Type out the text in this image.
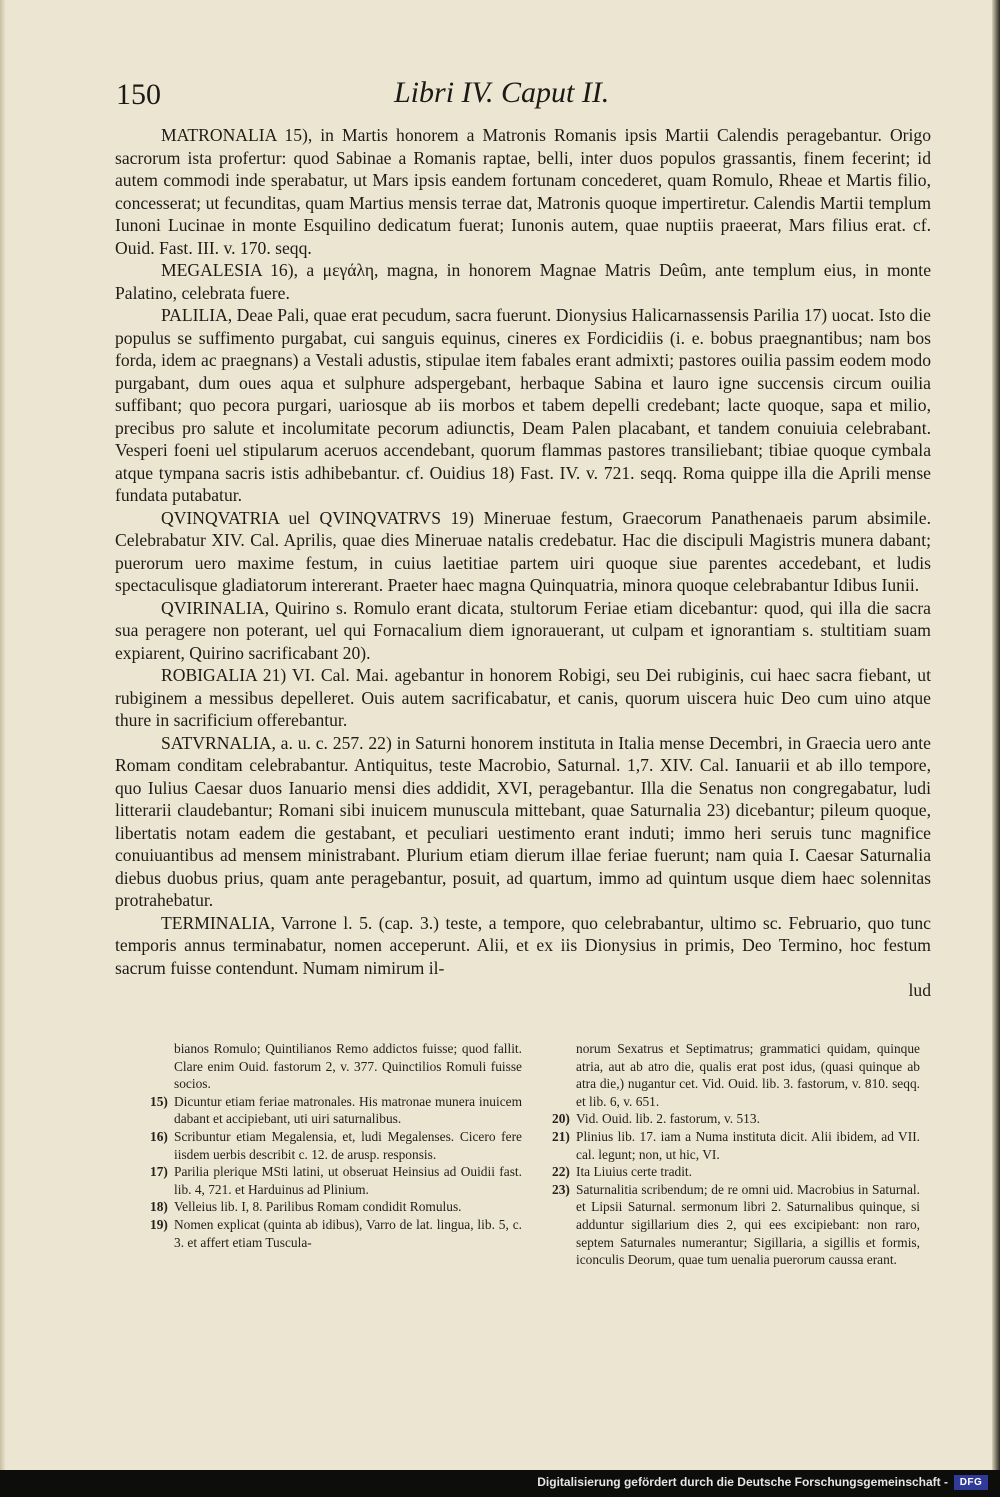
150	Libri IV. Caput II.

MATRONALIA 15), in Martis honorem a Matronis Romanis ipsis Martii Calendis peragebantur. Origo sacrorum ista profertur: quod Sabinae a Romanis raptae, belli, inter duos populos grassantis, finem fecerint; id autem commodi inde sperabatur, ut Mars ipsis eandem fortunam concederet, quam Romulo, Rheae et Martis filio, concesserat; ut fecunditas, quam Martius mensis terrae dat, Matronis quoque impertiretur. Calendis Martii templum Iunoni Lucinae in monte Esquilino dedicatum fuerat; Iunonis autem, quae nuptiis praeerat, Mars filius erat. cf. Ouid. Fast. III. v. 170. seqq.

MEGALESIA 16), a μεγάλη, magna, in honorem Magnae Matris Deûm, ante templum eius, in monte Palatino, celebrata fuere.

PALILIA, Deae Pali, quae erat pecudum, sacra fuerunt. Dionysius Halicarnassensis Parilia 17) uocat. Isto die populus se suffimento purgabat, cui sanguis equinus, cineres ex Fordicidiis (i. e. bobus praegnantibus; nam bos forda, idem ac praegnans) a Vestali adustis, stipulae item fabales erant admixti; pastores ouilia passim eodem modo purgabant, dum oues aqua et sulphure adspergebant, herbaque Sabina et lauro igne succensis circum ouilia suffibant; quo pecora purgari, uariosque ab iis morbos et tabem depelli credebant; lacte quoque, sapa et milio, precibus pro salute et incolumitate pecorum adiunctis, Deam Palen placabant, et tandem conuiuia celebrabant. Vesperi foeni uel stipularum aceruos accendebant, quorum flammas pastores transiliebant; tibiae quoque cymbala atque tympana sacris istis adhibebantur. cf. Ouidius 18) Fast. IV. v. 721. seqq. Roma quippe illa die Aprili mense fundata putabatur.

QVINQVATRIA uel QVINQVATRVS 19) Mineruae festum, Graecorum Panathenaeis parum absimile. Celebrabatur XIV. Cal. Aprilis, quae dies Mineruae natalis credebatur. Hac die discipuli Magistris munera dabant; puerorum uero maxime festum, in cuius laetitiae partem uiri quoque siue parentes accedebant, et ludis spectaculisque gladiatorum intererant. Praeter haec magna Quinquatria, minora quoque celebrabantur Idibus Iunii.

QVIRINALIA, Quirino s. Romulo erant dicata, stultorum Feriae etiam dicebantur: quod, qui illa die sacra sua peragere non poterant, uel qui Fornacalium diem ignorauerant, ut culpam et ignorantiam s. stultitiam suam expiarent, Quirino sacrificabant 20).

ROBIGALIA 21) VI. Cal. Mai. agebantur in honorem Robigi, seu Dei rubiginis, cui haec sacra fiebant, ut rubiginem a messibus depelleret. Ouis autem sacrificabatur, et canis, quorum uiscera huic Deo cum uino atque thure in sacrificium offerebantur.

SATVRNALIA, a. u. c. 257. 22) in Saturni honorem instituta in Italia mense Decembri, in Graecia uero ante Romam conditam celebrabantur. Antiquitus, teste Macrobio, Saturnal. 1,7. XIV. Cal. Ianuarii et ab illo tempore, quo Iulius Caesar duos Ianuario mensi dies addidit, XVI, peragebantur. Illa die Senatus non congregabatur, ludi litterarii claudebantur; Romani sibi inuicem munuscula mittebant, quae Saturnalia 23) dicebantur; pileum quoque, libertatis notam eadem die gestabant, et peculiari uestimento erant induti; immo heri seruis tunc magnifice conuiuantibus ad mensem ministrabant. Plurium etiam dierum illae feriae fuerunt; nam quia I. Caesar Saturnalia diebus duobus prius, quam ante peragebantur, posuit, ad quartum, immo ad quintum usque diem haec solennitas protrahebatur.

TERMINALIA, Varrone l. 5. (cap. 3.) teste, a tempore, quo celebrabantur, ultimo sc. Februario, quo tunc temporis annus terminabatur, nomen acceperunt. Alii, et ex iis Dionysius in primis, Deo Termino, hoc festum sacrum fuisse contendunt. Numam nimirum il-

lud

bianos Romulo; Quintilianos Remo addictos fuisse; quod fallit. Clare enim Ouid. fastorum 2, v. 377. Quinctilios Romuli fuisse socios.
15) Dicuntur etiam feriae matronales. His matronae munera inuicem dabant et accipiebant, uti uiri saturnalibus.
16) Scribuntur etiam Megalensia, et, ludi Megalenses. Cicero fere iisdem uerbis describit c. 12. de arusp. responsis.
17) Parilia plerique MSti latini, ut obseruat Heinsius ad Ouidii fast. lib. 4, 721. et Harduinus ad Plinium.
18) Velleius lib. I, 8. Parilibus Romam condidit Romulus.
19) Nomen explicat (quinta ab idibus), Varro de lat. lingua, lib. 5, c. 3. et affert etiam Tuscula-
norum Sexatrus et Septimatrus; grammatici quidam, quinque atria, aut ab atro die, qualis erat post idus, (quasi quinque ab atra die,) nugantur cet. Vid. Ouid. lib. 3. fastorum, v. 810. seqq. et lib. 6, v. 651.
20) Vid. Ouid. lib. 2. fastorum, v. 513.
21) Plinius lib. 17. iam a Numa instituta dicit. Alii ibidem, ad VII. cal. legunt; non, ut hic, VI.
22) Ita Liuius certe tradit.
23) Saturnalitia scribendum; de re omni uid. Macrobius in Saturnal. et Lipsii Saturnal. sermonum libri 2. Saturnalibus quinque, si adduntur sigillarium dies 2, qui ees excipiebant: non raro, septem Saturnales numerantur; Sigillaria, a sigillis et formis, iconculis Deorum, quae tum uenalia puerorum caussa erant.
Digitalisierung gefördert durch die Deutsche Forschungsgemeinschaft -	DFG
